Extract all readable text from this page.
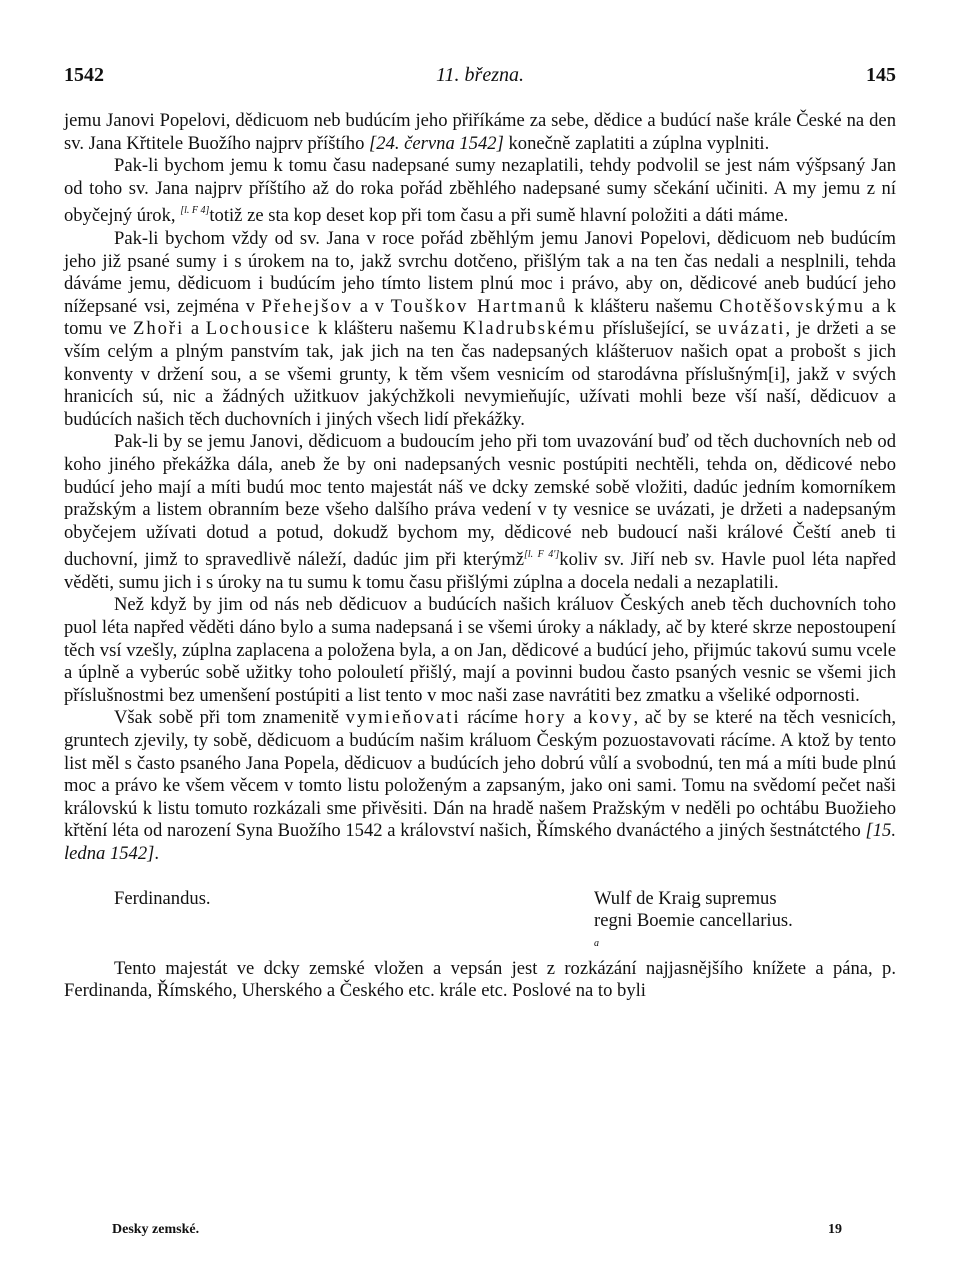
1542	11. března.	145

jemu Janovi Popelovi, dědicuom neb budúcím jeho přiříkáme za sebe, dědice a budúcí naše krále České na den sv. Jana Křtitele Buožího najprv příštího [24. června 1542] konečně zaplatiti a zúplna vyplniti.

Pak-li bychom jemu k tomu času nadepsané sumy nezaplatili, tehdy podvolil se jest nám výšpsaný Jan od toho sv. Jana najprv příštího až do roka pořád zběhlého nadepsané sumy sčekání učiniti. A my jemu z ní obyčejný úrok, [l. F 4]totiž ze sta kop deset kop při tom času a při sumě hlavní položiti a dáti máme.

Pak-li bychom vždy od sv. Jana v roce pořád zběhlým jemu Janovi Popelovi, dědicuom neb budúcím jeho již psané sumy i s úrokem na to, jakž svrchu dotčeno, přišlým tak a na ten čas nedali a nesplnili, tehda dáváme jemu, dědicuom i budúcím jeho tímto listem plnú moc i právo, aby on, dědicové aneb budúcí jeho nížepsané vsi, zejména v Přehejšov a v Touškov Hartmanů k klášteru našemu Chotěšovskýmu a k tomu ve Zhoři a Lochousice k klášteru našemu Kladrubskému příslušející, se uvázati, je držeti a se vším celým a plným panstvím tak, jak jich na ten čas nadepsaných klášteruov našich opat a probošt s jich konventy v držení sou, a se všemi grunty, k těm všem vesnicím od starodávna příslušným[i], jakž v svých hranicích sú, nic a žádných užitkuov jakýchžkoli nevymieňujíc, užívati mohli beze vší naší, dědicuov a budúcích našich těch duchovních i jiných všech lidí překážky.

Pak-li by se jemu Janovi, dědicuom a budoucím jeho při tom uvazování buď od těch duchovních neb od koho jiného překážka dála, aneb že by oni nadepsaných vesnic postúpiti nechtěli, tehda on, dědicové nebo budúcí jeho mají a míti budú moc tento majestát náš ve dcky zemské sobě vložiti, dadúc jedním komorníkem pražským a listem obranním beze všeho dalšího práva vedení v ty vesnice se uvázati, je držeti a nadepsaným obyčejem užívati dotud a potud, dokudž bychom my, dědicové neb budoucí naši králové Čeští aneb ti duchovní, jimž to spravedlivě náleží, dadúc jim při kterýmž[l. F 4']koliv sv. Jiří neb sv. Havle puol léta napřed věděti, sumu jich i s úroky na tu sumu k tomu času přišlými zúplna a docela nedali a nezaplatili.

Než když by jim od nás neb dědicuov a budúcích našich králuov Českých aneb těch duchovních toho puol léta napřed věděti dáno bylo a suma nadepsaná i se všemi úroky a náklady, ač by které skrze nepostoupení těch vsí vzešly, zúplna zaplacena a položena byla, a on Jan, dědicové a budúcí jeho, přijmúc takovú sumu vcele a úplně a vyberúc sobě užitky toho polouletí přišlý, mají a povinni budou často psaných vesnic se všemi jich příslušnostmi bez umenšení postúpiti a list tento v moc naši zase navrátiti bez zmatku a všeliké odpornosti.

Však sobě při tom znamenitě vymieňovati rácíme hory a kovy, ač by se které na těch vesnicích, gruntech zjevily, ty sobě, dědicuom a budúcím našim králuom Českým pozuostavovati rácíme. A ktož by tento list měl s často psaného Jana Popela, dědicuov a budúcích jeho dobrú vůlí a svobodnú, ten má a míti bude plnú moc a právo ke všem věcem v tomto listu položeným a zapsaným, jako oni sami. Tomu na svědomí pečet naši královskú k listu tomuto rozkázali sme přivěsiti. Dán na hradě našem Pražským v neděli po ochtábu Buožieho křtění léta od narození Syna Buožího 1542 a království našich, Římského dvanáctého a jiných šestnátctého [15. ledna 1542].

Ferdinandus.	Wulf de Kraig supremus
regni Boemie cancellarius.
a

Tento majestát ve dcky zemské vložen a vepsán jest z rozkázání najjasnějšího knížete a pána, p. Ferdinanda, Římského, Uherského a Českého etc. krále etc. Poslové na to byli

Desky zemské.	19
